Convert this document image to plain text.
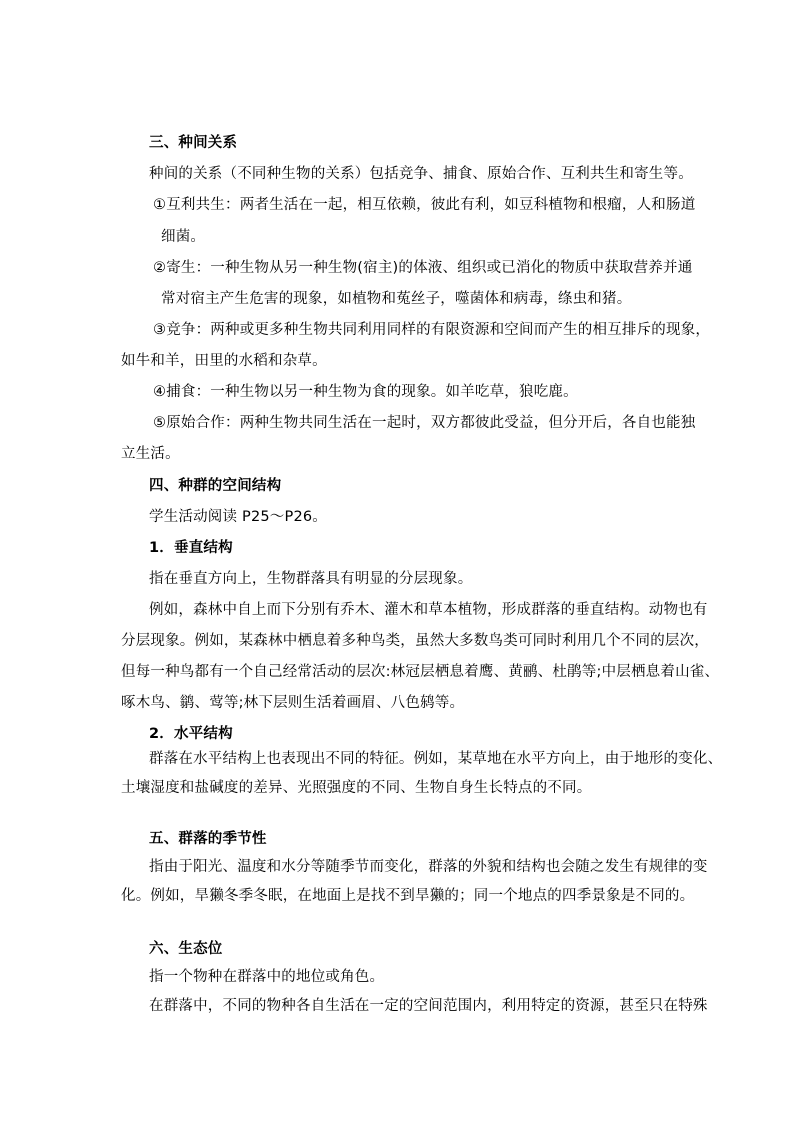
三、种间关系
种间的关系（不同种生物的关系）包括竞争、捕食、原始合作、互利共生和寄生等。
①互利共生：两者生活在一起，相互依赖，彼此有利，如豆科植物和根瘤，人和肠道
细菌。
②寄生：一种生物从另一种生物(宿主)的体液、组织或已消化的物质中获取营养并通
常对宿主产生危害的现象，如植物和菟丝子，噬菌体和病毒，绦虫和猪。
③竞争：两种或更多种生物共同利用同样的有限资源和空间而产生的相互排斥的现象，
如牛和羊，田里的水稻和杂草。
④捕食：一种生物以另一种生物为食的现象。如羊吃草，狼吃鹿。
⑤原始合作：两种生物共同生活在一起时，双方都彼此受益，但分开后，各自也能独
立生活。
四、种群的空间结构
学生活动阅读 P25～P26。
1．垂直结构
指在垂直方向上，生物群落具有明显的分层现象。
例如，森林中自上而下分别有乔木、灌木和草本植物，形成群落的垂直结构。动物也有
分层现象。例如，某森林中栖息着多种鸟类，虽然大多数鸟类可同时利用几个不同的层次，
但每一种鸟都有一个自己经常活动的层次:林冠层栖息着鹰、黄鹂、杜鹃等;中层栖息着山雀、
啄木鸟、鹟、莺等;林下层则生活着画眉、八色鸫等。
2．水平结构
群落在水平结构上也表现出不同的特征。例如，某草地在水平方向上，由于地形的变化、
土壤湿度和盐碱度的差异、光照强度的不同、生物自身生长特点的不同。
五、群落的季节性
指由于阳光、温度和水分等随季节而变化，群落的外貌和结构也会随之发生有规律的变
化。例如，旱獭冬季冬眠，在地面上是找不到旱獭的；同一个地点的四季景象是不同的。
六、生态位
指一个物种在群落中的地位或角色。
在群落中，不同的物种各自生活在一定的空间范围内，利用特定的资源，甚至只在特殊
